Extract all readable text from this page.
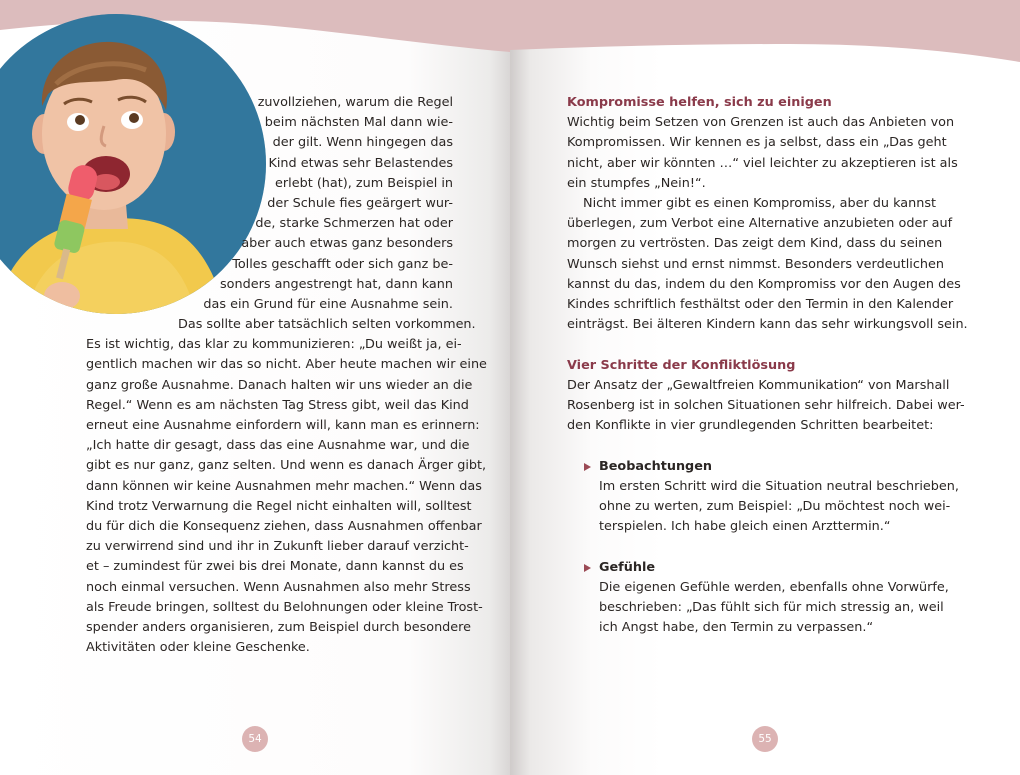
zuvollziehen, warum die Regel
beim nächsten Mal dann wie-
der gilt. Wenn hingegen das
Kind etwas sehr Belastendes
erlebt (hat), zum Beispiel in
der Schule fies geärgert wur-
de, starke Schmerzen hat oder
aber auch etwas ganz besonders
Tolles geschafft oder sich ganz be-
sonders angestrengt hat, dann kann
das ein Grund für eine Ausnahme sein.
Das sollte aber tatsächlich selten vorkommen.
Es ist wichtig, das klar zu kommunizieren: „Du weißt ja, ei-
gentlich machen wir das so nicht. Aber heute machen wir eine
ganz große Ausnahme. Danach halten wir uns wieder an die
Regel.“ Wenn es am nächsten Tag Stress gibt, weil das Kind
erneut eine Ausnahme einfordern will, kann man es erinnern:
„Ich hatte dir gesagt, dass das eine Ausnahme war, und die
gibt es nur ganz, ganz selten. Und wenn es danach Ärger gibt,
dann können wir keine Ausnahmen mehr machen.“ Wenn das
Kind trotz Verwarnung die Regel nicht einhalten will, solltest
du für dich die Konsequenz ziehen, dass Ausnahmen offenbar
zu verwirrend sind und ihr in Zukunft lieber darauf verzicht-
et – zumindest für zwei bis drei Monate, dann kannst du es
noch einmal versuchen. Wenn Ausnahmen also mehr Stress
als Freude bringen, solltest du Belohnungen oder kleine Trost-
spender anders organisieren, zum Beispiel durch besondere
Aktivitäten oder kleine Geschenke.
54
Kompromisse helfen, sich zu einigen
Wichtig beim Setzen von Grenzen ist auch das Anbieten von
Kompromissen. Wir kennen es ja selbst, dass ein „Das geht
nicht, aber wir könnten …“ viel leichter zu akzeptieren ist als
ein stumpfes „Nein!“.
Nicht immer gibt es einen Kompromiss, aber du kannst
überlegen, zum Verbot eine Alternative anzubieten oder auf
morgen zu vertrösten. Das zeigt dem Kind, dass du seinen
Wunsch siehst und ernst nimmst. Besonders verdeutlichen
kannst du das, indem du den Kompromiss vor den Augen des
Kindes schriftlich festhältst oder den Termin in den Kalender
einträgst. Bei älteren Kindern kann das sehr wirkungsvoll sein.
Vier Schritte der Konfliktlösung
Der Ansatz der „Gewaltfreien Kommunikation“ von Marshall
Rosenberg ist in solchen Situationen sehr hilfreich. Dabei wer-
den Konflikte in vier grundlegenden Schritten bearbeitet:
Beobachtungen
Im ersten Schritt wird die Situation neutral beschrieben,
ohne zu werten, zum Beispiel: „Du möchtest noch wei-
terspielen. Ich habe gleich einen Arzttermin.“
Gefühle
Die eigenen Gefühle werden, ebenfalls ohne Vorwürfe,
beschrieben: „Das fühlt sich für mich stressig an, weil
ich Angst habe, den Termin zu verpassen.“
55
